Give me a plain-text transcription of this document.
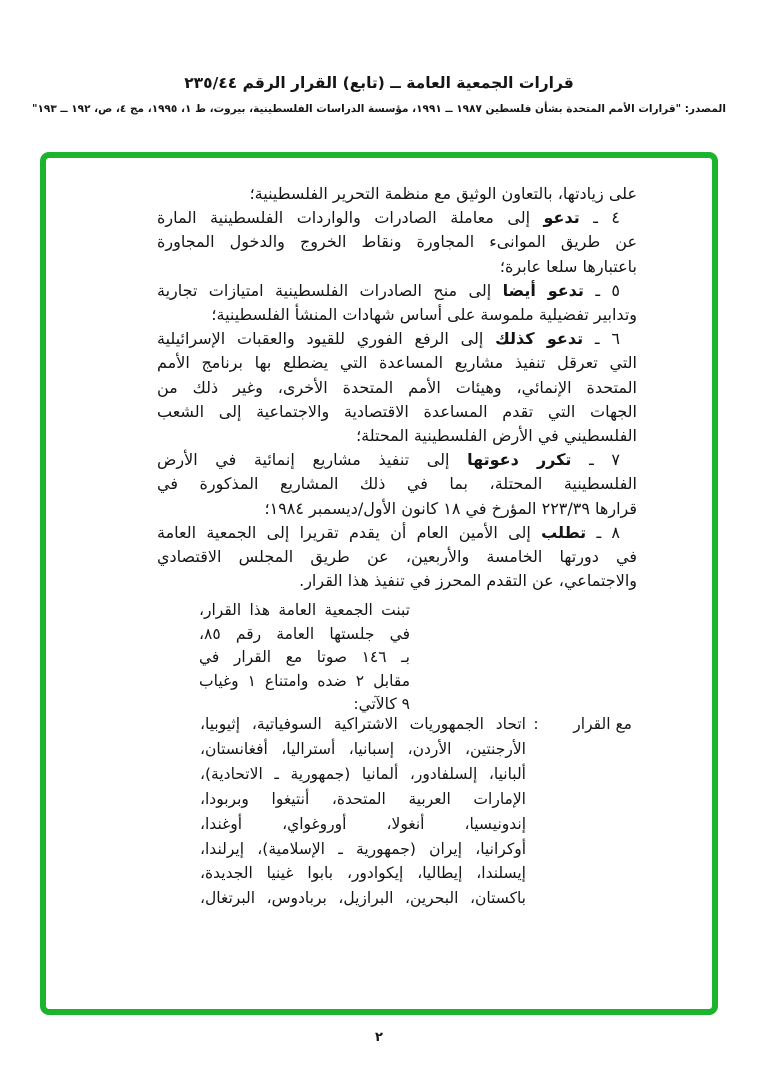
قرارات الجمعية العامة ــ (تابع) القرار الرقم ٢٣٥/٤٤
المصدر: "قرارات الأمم المتحدة بشأن فلسطين ١٩٨٧ ــ ١٩٩١، مؤسسة الدراسات الفلسطينية، بيروت، ط ١، ١٩٩٥، مج ٤، ص، ١٩٢ ــ ١٩٣"
على زيادتها، بالتعاون الوثيق مع منظمة التحرير الفلسطينية؛
٤ ـ تدعو إلى معاملة الصادرات والواردات الفلسطينية المارة
عن طريق الموانىء المجاورة ونقاط الخروج والدخول المجاورة
باعتبارها سلعا عابرة؛
٥ ـ تدعو أيضا إلى منح الصادرات الفلسطينية امتيازات تجارية
وتدابير تفضيلية ملموسة على أساس شهادات المنشأ الفلسطينية؛
٦ ـ تدعو كذلك إلى الرفع الفوري للقيود والعقبات الإسرائيلية
التي تعرقل تنفيذ مشاريع المساعدة التي يضطلع بها برنامج الأمم
المتحدة الإنمائي، وهيئات الأمم المتحدة الأخرى، وغير ذلك من
الجهات التي تقدم المساعدة الاقتصادية والاجتماعية إلى الشعب
الفلسطيني في الأرض الفلسطينية المحتلة؛
٧ ـ تكرر دعوتها إلى تنفيذ مشاريع إنمائية في الأرض
الفلسطينية المحتلة، بما في ذلك المشاريع المذكورة في
قرارها ٢٢٣/٣٩ المؤرخ في ١٨ كانون الأول/ديسمبر ١٩٨٤؛
٨ ـ تطلب إلى الأمين العام أن يقدم تقريرا إلى الجمعية العامة
في دورتها الخامسة والأربعين، عن طريق المجلس الاقتصادي
والاجتماعي، عن التقدم المحرز في تنفيذ هذا القرار.
تبنت الجمعية العامة هذا القرار،
في جلستها العامة رقم ٨٥،
بـ ١٤٦ صوتا مع القرار في
مقابل ٢ ضده وامتناع ١ وغياب
٩ كالآتي:
مع القرار
:
اتحاد الجمهوريات الاشتراكية السوفياتية، إثيوبيا،
الأرجنتين، الأردن، إسبانيا، أستراليا، أفغانستان،
ألبانيا، إلسلفادور، ألمانيا (جمهورية ـ الاتحادية)،
الإمارات العربية المتحدة، أنتيغوا وبربودا،
إندونيسيا، أنغولا، أوروغواي، أوغندا،
أوكرانيا، إيران (جمهورية ـ الإسلامية)، إيرلندا،
إيسلندا، إيطاليا، إيكوادور، بابوا غينيا الجديدة،
باكستان، البحرين، البرازيل، بربادوس، البرتغال،
٢
